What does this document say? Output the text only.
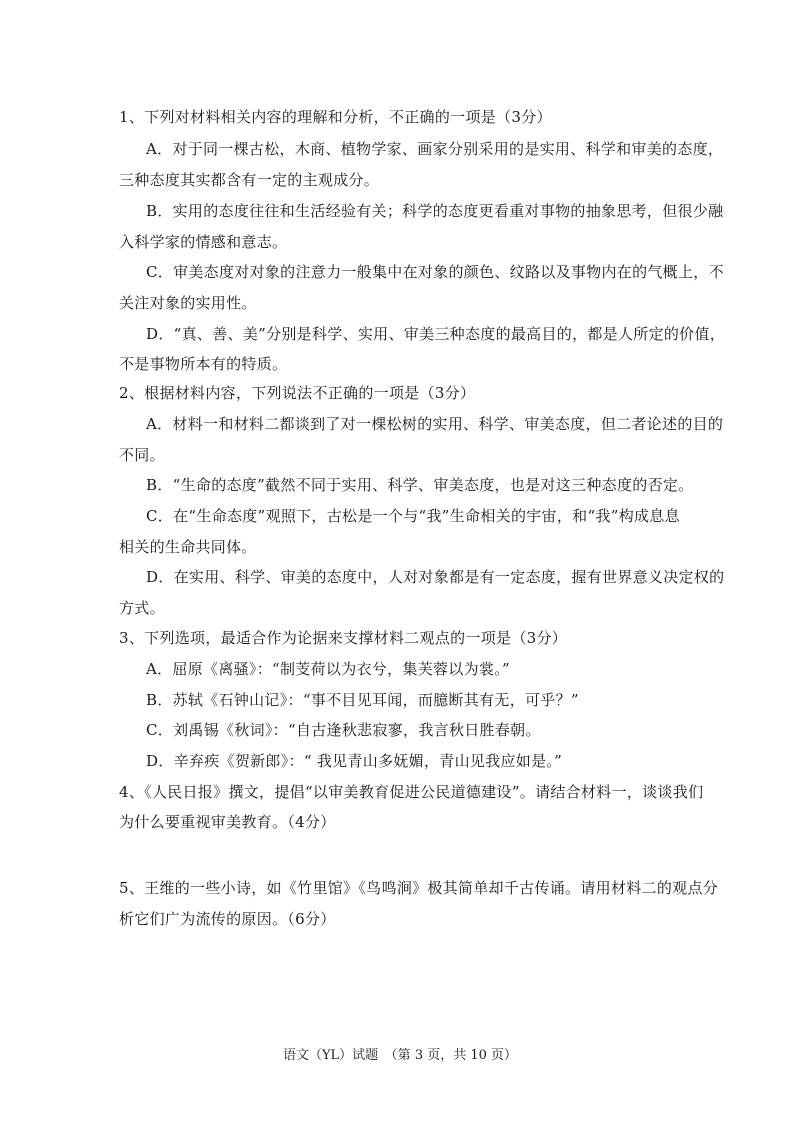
1、下列对材料相关内容的理解和分析，不正确的一项是（3分）
A．对于同一棵古松，木商、植物学家、画家分别采用的是实用、科学和审美的态度，
三种态度其实都含有一定的主观成分。
B．实用的态度往往和生活经验有关；科学的态度更看重对事物的抽象思考，但很少融
入科学家的情感和意志。
C．审美态度对对象的注意力一般集中在对象的颜色、纹路以及事物内在的气概上，不
关注对象的实用性。
D．“真、善、美”分别是科学、实用、审美三种态度的最高目的，都是人所定的价值，
不是事物所本有的特质。
2、根据材料内容，下列说法不正确的一项是（3分）
A．材料一和材料二都谈到了对一棵松树的实用、科学、审美态度，但二者论述的目的
不同。
B．“生命的态度”截然不同于实用、科学、审美态度，也是对这三种态度的否定。
C．在“生命态度”观照下，古松是一个与“我”生命相关的宇宙，和“我”构成息息
相关的生命共同体。
D．在实用、科学、审美的态度中，人对对象都是有一定态度，握有世界意义决定权的
方式。
3、下列选项，最适合作为论据来支撑材料二观点的一项是（3分）
A．屈原《离骚》：“制芰荷以为衣兮，集芙蓉以为裳。”
B．苏轼《石钟山记》：“事不目见耳闻，而臆断其有无，可乎？”
C．刘禹锡《秋词》：“自古逢秋悲寂寥，我言秋日胜春朝。
D．辛弃疾《贺新郎》：“ 我见青山多妩媚，青山见我应如是。”
4、《人民日报》撰文，提倡“以审美教育促进公民道德建设”。请结合材料一，谈谈我们
为什么要重视审美教育。（4分）
5、王维的一些小诗，如《竹里馆》《鸟鸣涧》极其简单却千古传诵。请用材料二的观点分
析它们广为流传的原因。（6分）
语文（YL）试题　（第 3 页，共 10 页）
